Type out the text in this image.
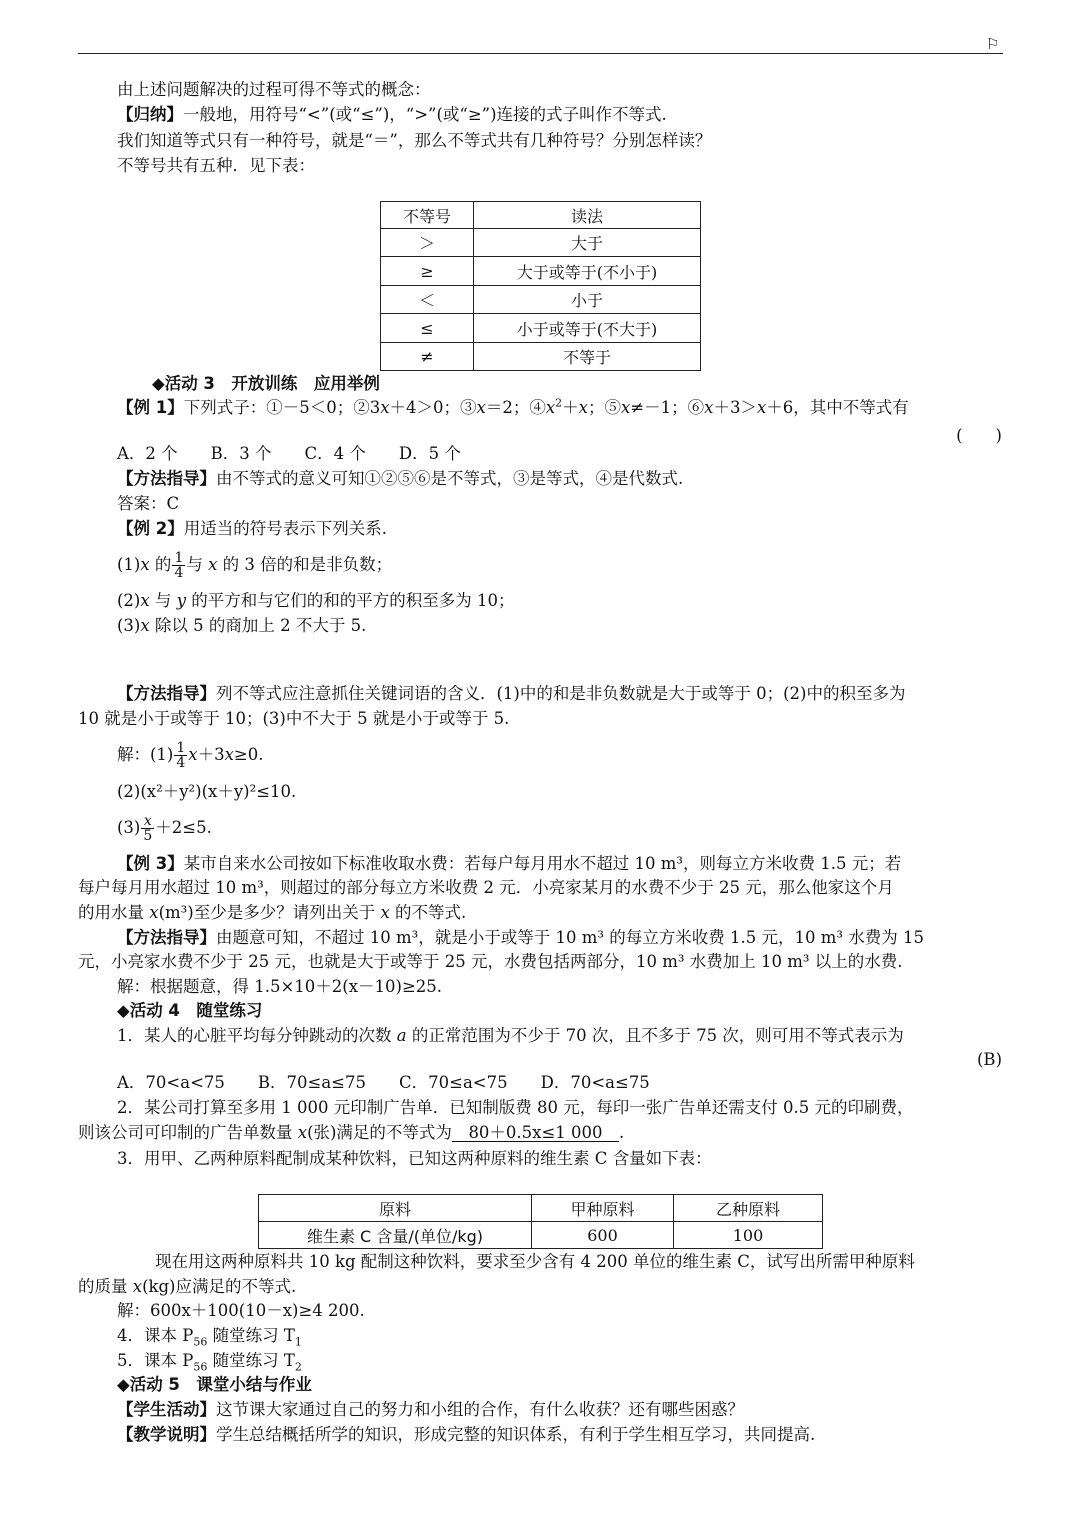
⚐
由上述问题解决的过程可得不等式的概念：
【归纳】一般地，用符号“<”(或“≤”)，“>”(或“≥”)连接的式子叫作不等式.
我们知道等式只有一种符号，就是“＝”，那么不等式共有几种符号？分别怎样读？
不等号共有五种．见下表：
不等号	读法
＞	大于
≥	大于或等于(不小于)
＜	小于
≤	小于或等于(不大于)
≠	不等于
◆活动 3　开放训练　应用举例
【例 1】下列式子：①－5＜0；②3x＋4＞0；③x＝2；$④x^2+x$；⑤x≠－1；⑥x＋3＞x＋6，其中不等式有
(　　)
A．2 个　　B．3 个　　C．4 个　　D．5 个
【方法指导】由不等式的意义可知①②⑤⑥是不等式，③是等式，④是代数式.
答案：C
【例 2】用适当的符号表示下列关系.
(1)x 的 $\frac{1}{4}$ 与 x 的 3 倍的和是非负数；
(2)x 与 y 的平方和与它们的和的平方的积至多为 10；
(3)x 除以 5 的商加上 2 不大于 5.
【方法指导】列不等式应注意抓住关键词语的含义．(1)中的和是非负数就是大于或等于 0；(2)中的积至多为
10 就是小于或等于 10；(3)中不大于 5 就是小于或等于 5.
解：$(1) \frac{1}{4} x+3x\ge 0$.
(2)(x²＋y²)(x＋y)²≤10.
$(3) \frac{x}{5} +2\le 5$.
【例 3】某市自来水公司按如下标准收取水费：若每户每月用水不超过 10 m³，则每立方米收费 1.5 元；若
每户每月用水超过 10 m³，则超过的部分每立方米收费 2 元．小亮家某月的水费不少于 25 元，那么他家这个月
的用水量 x(m³)至少是多少？请列出关于 x 的不等式.
【方法指导】由题意可知，不超过 10 m³，就是小于或等于 10 m³ 的每立方米收费 1.5 元，10 m³ 水费为 15
元，小亮家水费不少于 25 元，也就是大于或等于 25 元，水费包括两部分，10 m³ 水费加上 10 m³ 以上的水费.
解：根据题意，得 1.5×10＋2(x－10)≥25.
◆活动 4　随堂练习
1．某人的心脏平均每分钟跳动的次数 a 的正常范围为不少于 70 次，且不多于 75 次，则可用不等式表示为
(B)
A．70<a<75　　B．70≤a≤75　　C．70≤a<75　　D．70<a≤75
2．某公司打算至多用 1 000 元印制广告单．已知制版费 80 元，每印一张广告单还需支付 0.5 元的印刷费，
则该公司可印制的广告单数量 x(张)满足的不等式为　80＋0.5x≤1 000　.
3．用甲、乙两种原料配制成某种饮料，已知这两种原料的维生素 C 含量如下表：
原料	甲种原料	乙种原料
维生素 C 含量/(单位/kg)	600	100
现在用这两种原料共 10 kg 配制这种饮料，要求至少含有 4 200 单位的维生素 C，试写出所需甲种原料
的质量 x(kg)应满足的不等式.
解：600x＋100(10－x)≥4 200.
4．课本 $P_{56}$ 随堂练习 $T_1$
5．课本 $P_{56}$ 随堂练习 $T_2$
◆活动 5　课堂小结与作业
【学生活动】这节课大家通过自己的努力和小组的合作，有什么收获？还有哪些困惑？
【教学说明】学生总结概括所学的知识，形成完整的知识体系，有利于学生相互学习，共同提高.
